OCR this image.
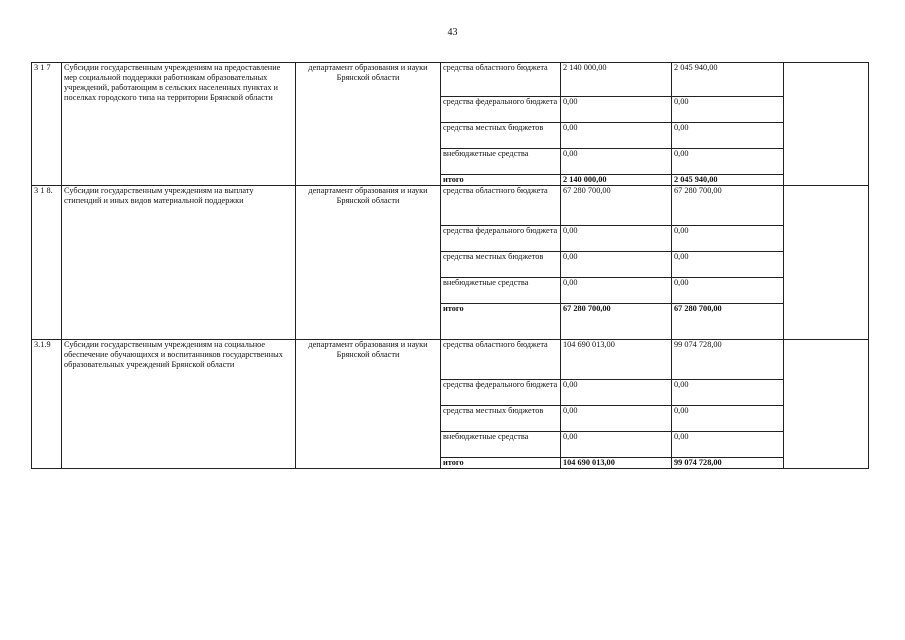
43
3 1 7	Субсидии государственным учреждениям на предоставление мер социальной поддержки работникам образовательных учреждений, работающим в сельских населенных пунктах и поселках городского типа на территории Брянской области	департамент образования и науки Брянской области	средства областного бюджета	2 140 000,00	2 045 940,00	
			средства федерального бюджета	0,00	0,00	
			средства местных бюджетов	0,00	0,00	
			внебюджетные средства	0,00	0,00	
			итого	2 140 000,00	2 045 940,00	
3 1 8.	Субсидии государственным учреждениям на выплату стипендий и иных видов материальной поддержки	департамент образования и науки Брянской области	средства областного бюджета	67 280 700,00	67 280 700,00	
			средства федерального бюджета	0,00	0,00	
			средства местных бюджетов	0,00	0,00	
			внебюджетные средства	0,00	0,00	
			итого	67 280 700,00	67 280 700,00	
3.1.9	Субсидии государственным учреждениям на социальное обеспечение обучающихся и воспитанников государственных образовательных учреждений Брянской области	департамент образования и науки Брянской области	средства областного бюджета	104 690 013,00	99 074 728,00	
			средства федерального бюджета	0,00	0,00	
			средства местных бюджетов	0,00	0,00	
			внебюджетные средства	0,00	0,00	
			итого	104 690 013,00	99 074 728,00	
